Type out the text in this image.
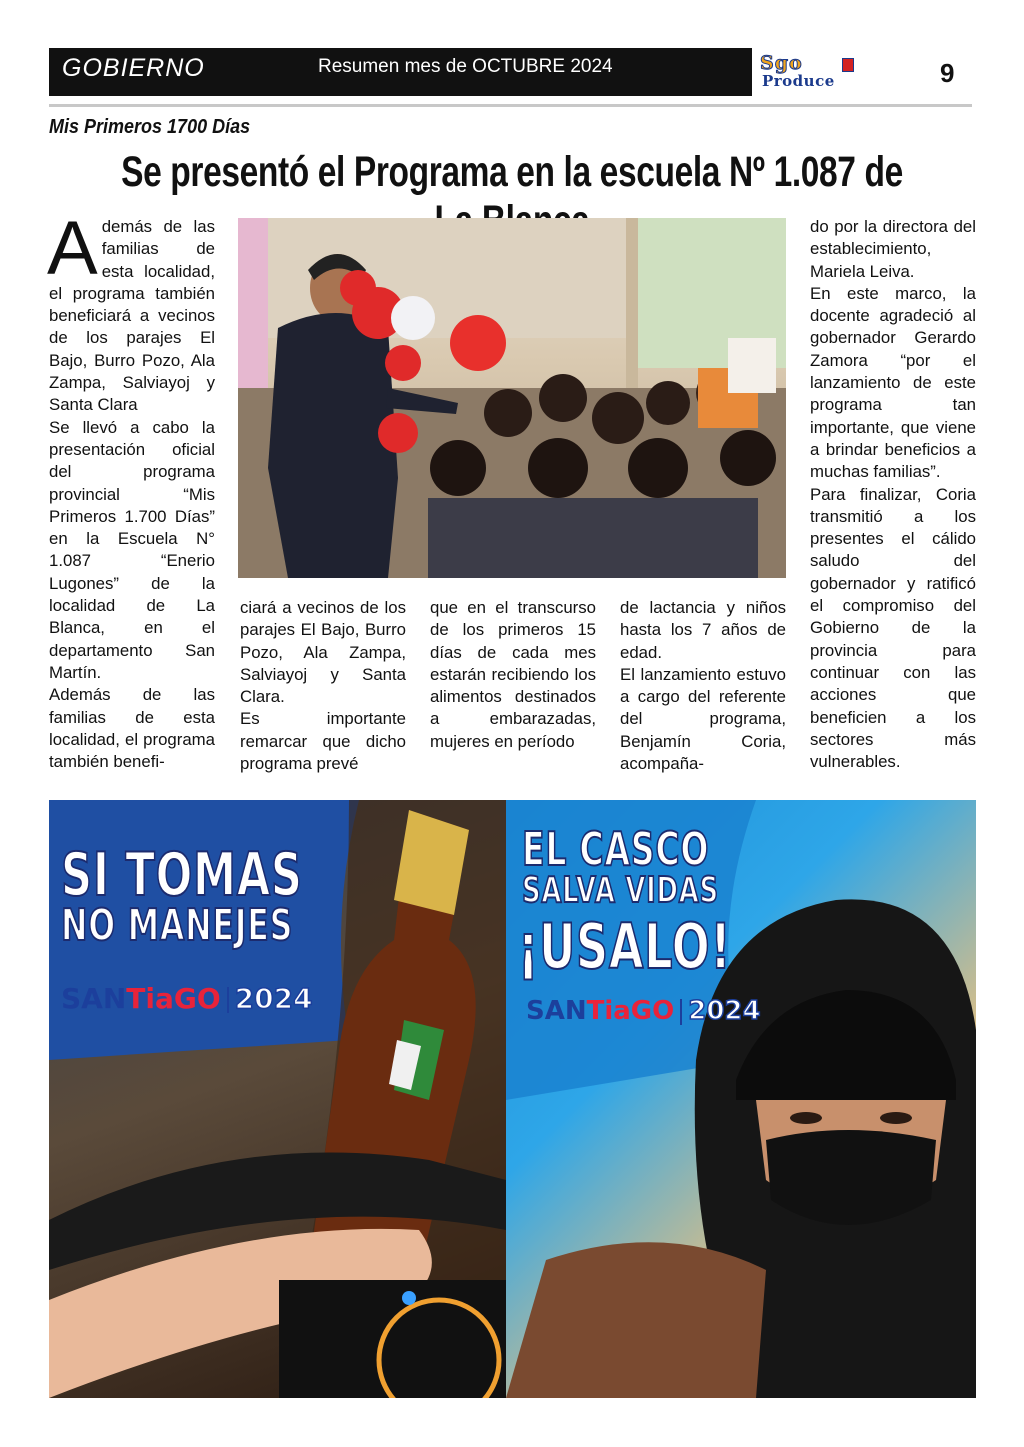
GOBIERNO	Resumen mes de OCTUBRE 2024	Sgo
Produce	9
Mis Primeros 1700 Días
Se presentó el Programa en la escuela Nº 1.087 de

Además de las familias de esta localidad, el programa también beneficiará a vecinos de los parajes El Bajo, Burro Pozo, Ala Zampa, Salviayoj y Santa Clara

Se llevó a cabo la presentación oficial del programa provincial “Mis Primeros 1.700 Días” en la Escuela N° 1.087 “Enerio Lugones” de la localidad de La Blanca, en el departamento San Martín.

Además de las familias de esta localidad, el programa también benefi-

ciará a vecinos de los parajes El Bajo, Burro Pozo, Ala Zampa, Salviayoj y Santa Clara.

Es importante remarcar que dicho programa prevé

que en el transcurso de los primeros 15 días de cada mes estarán recibiendo los alimentos destinados a embarazadas, mujeres en período

de lactancia y niños hasta los 7 años de edad.

El lanzamiento estuvo a cargo del referente del programa, Benjamín Coria, acompaña-

do por la directora del establecimiento, Mariela Leiva.

En este marco, la docente agradeció al gobernador Gerardo Zamora “por el lanzamiento de este programa tan importante, que viene a brindar beneficios a muchas familias”.

Para finalizar, Coria transmitió a los presentes el cálido saludo del gobernador y ratificó el compromiso del Gobierno de la provincia para continuar con las acciones que beneficien a los sectores más vulnerables.

SI TOMAS
NO MANEJES
SANTiaGO 2024
EL CASCO
SALVA VIDAS
¡USALO!
SANTiaGO 2024
